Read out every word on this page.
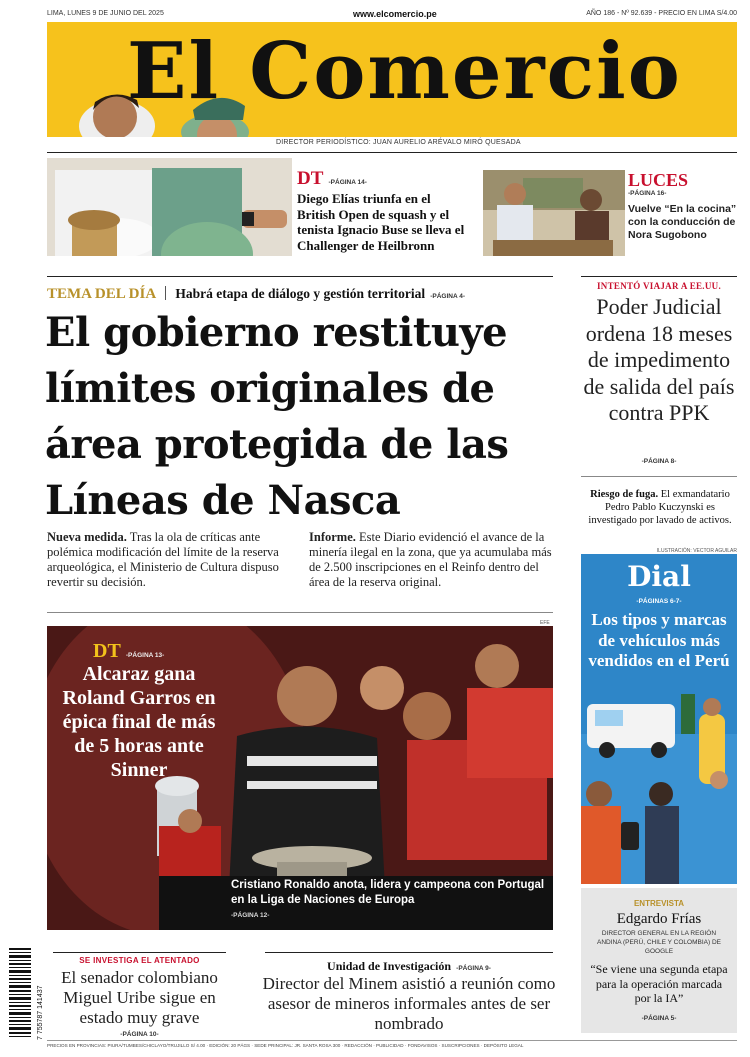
LIMA, LUNES 9 DE JUNIO DEL 2025	www.elcomercio.pe	AÑO 186 - Nº 92.639 - PRECIO EN LIMA S/4.00
El Comercio
DIRECTOR PERIODÍSTICO: JUAN AURELIO ARÉVALO MIRÓ QUESADA
DT -PÁGINA 14-
Diego Elías triunfa en el British Open de squash y el tenista Ignacio Buse se lleva el Challenger de Heilbronn
LUCES
-PÁGINA 16-
Vuelve “En la cocina” con la conducción de Nora Sugobono
TEMA DEL DÍA Habrá etapa de diálogo y gestión territorial -PÁGINA 4-
El gobierno restituye límites originales de área protegida de las Líneas de Nasca
Nueva medida. Tras la ola de críticas ante polémica modificación del límite de la reserva arqueológica, el Ministerio de Cultura dispuso revertir su decisión.
Informe. Este Diario evidenció el avance de la minería ilegal en la zona, que ya acumulaba más de 2.500 inscripciones en el Reinfo dentro del área de la reserva original.
INTENTÓ VIAJAR A EE.UU.
Poder Judicial ordena 18 meses de impedimento de salida del país contra PPK
-PÁGINA 8-
Riesgo de fuga. El exmandatario Pedro Pablo Kuczynski es investigado por lavado de activos.
ILUSTRACIÓN: VECTOR AGUILAR
Dial
-PÁGINAS 6-7-
Los tipos y marcas de vehículos más vendidos en el Perú
EFE
DT -PÁGINA 13-
Alcaraz gana Roland Garros en épica final de más de 5 horas ante Sinner
Cristiano Ronaldo anota, lidera y campeona con Portugal en la Liga de Naciones de Europa
-PÁGINA 12-
ENTREVISTA
Edgardo Frías
DIRECTOR GENERAL EN LA REGIÓN ANDINA (PERÚ, CHILE Y COLOMBIA) DE GOOGLE
“Se viene una segunda etapa para la operación marcada por la IA”
-PÁGINA 5-
7 755787 141437
SE INVESTIGA EL ATENTADO
El senador colombiano Miguel Uribe sigue en estado muy grave
-PÁGINA 10-
Unidad de Investigación -PÁGINA 9-
Director del Minem asistió a reunión como asesor de mineros informales antes de ser nombrado
PRECIOS EN PROVINCIAS: PIURA/TUMBES/CHICLAYO/TRUJILLO S/ 4.00 · EDICIÓN: 20 PÁGS · SEDE PRINCIPAL: JR. SANTA ROSA 300 · REDACCIÓN · PUBLICIDAD · FONDAVISOS · SUSCRIPCIONES · DEPÓSITO LEGAL
